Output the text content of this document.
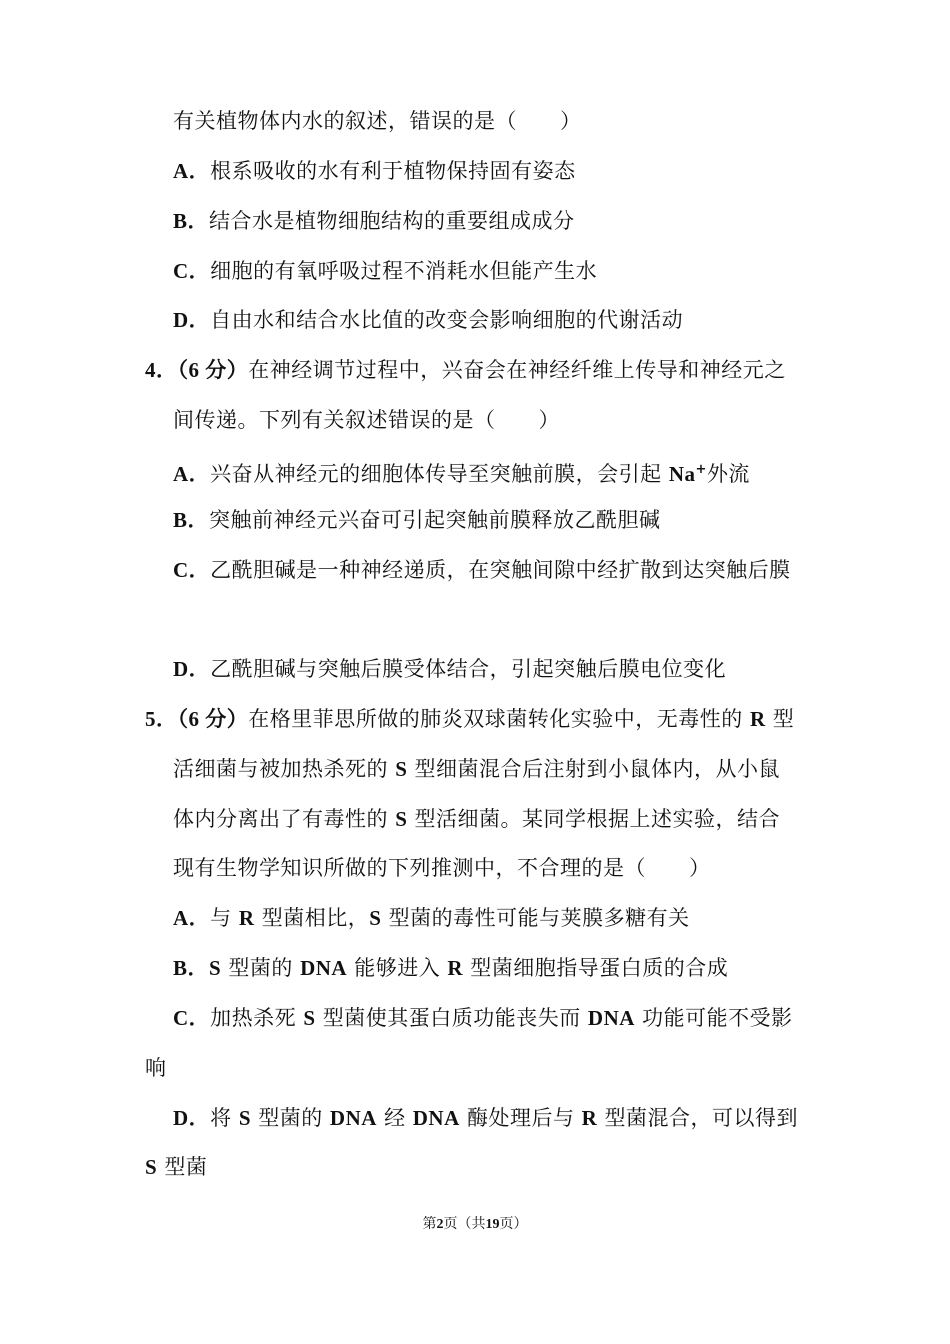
有关植物体内水的叙述，错误的是（　　）
A．根系吸收的水有利于植物保持固有姿态
B．结合水是植物细胞结构的重要组成成分
C．细胞的有氧呼吸过程不消耗水但能产生水
D．自由水和结合水比值的改变会影响细胞的代谢活动
4．（6 分）在神经调节过程中，兴奋会在神经纤维上传导和神经元之
间传递。下列有关叙述错误的是（　　）
A．兴奋从神经元的细胞体传导至突触前膜，会引起 Na+外流
B．突触前神经元兴奋可引起突触前膜释放乙酰胆碱
C．乙酰胆碱是一种神经递质，在突触间隙中经扩散到达突触后膜
D．乙酰胆碱与突触后膜受体结合，引起突触后膜电位变化
5．（6 分）在格里菲思所做的肺炎双球菌转化实验中，无毒性的 R 型
活细菌与被加热杀死的 S 型细菌混合后注射到小鼠体内，从小鼠
体内分离出了有毒性的 S 型活细菌。某同学根据上述实验，结合
现有生物学知识所做的下列推测中，不合理的是（　　）
A．与 R 型菌相比，S 型菌的毒性可能与荚膜多糖有关
B．S 型菌的 DNA 能够进入 R 型菌细胞指导蛋白质的合成
C．加热杀死 S 型菌使其蛋白质功能丧失而 DNA 功能可能不受影
响
D．将 S 型菌的 DNA 经 DNA 酶处理后与 R 型菌混合，可以得到
S 型菌
第2页（共19页）
